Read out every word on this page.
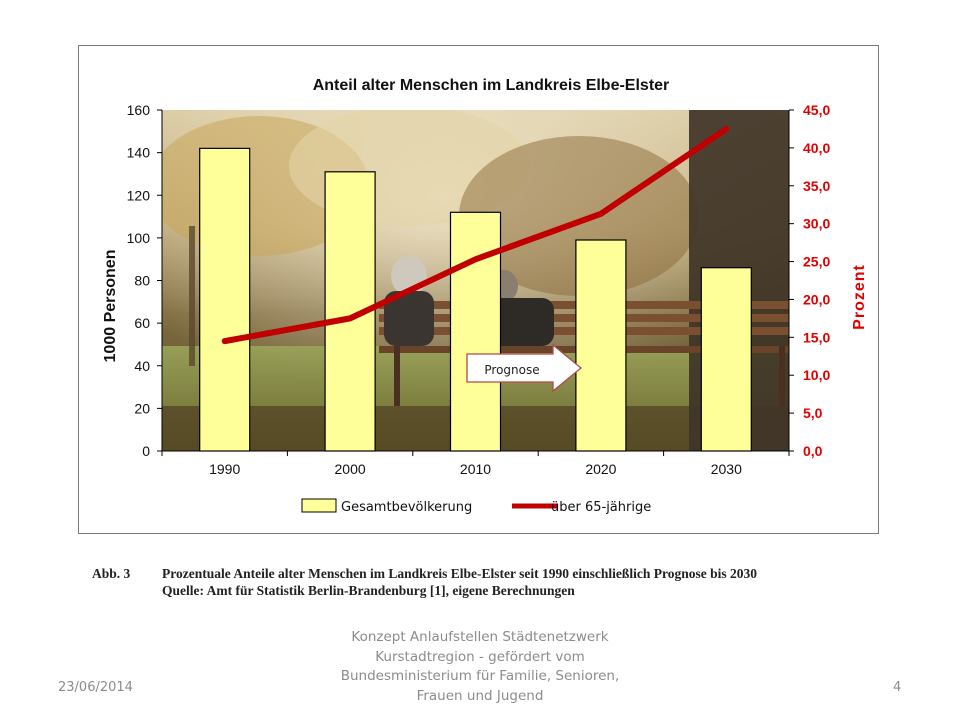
Anteil alter Menschen im Landkreis Elbe-Elster
0
20
40
60
80
100
120
140
160
0,0
5,0
10,0
15,0
20,0
25,0
30,0
35,0
40,0
45,0
1990	2000	2010	2020	2030
1000 Personen	Prozent
Prognose
Gesamtbevölkerung	über 65-jährige
Abb. 3	Prozentuale Anteile alter Menschen im Landkreis Elbe-Elster seit 1990 einschließlich Prognose bis 2030
Quelle: Amt für Statistik Berlin-Brandenburg [1], eigene Berechnungen
Konzept Anlaufstellen Städtenetzwerk
Kurstadtregion - gefördert vom
Bundesministerium für Familie, Senioren,
Frauen und Jugend
23/06/2014	4
